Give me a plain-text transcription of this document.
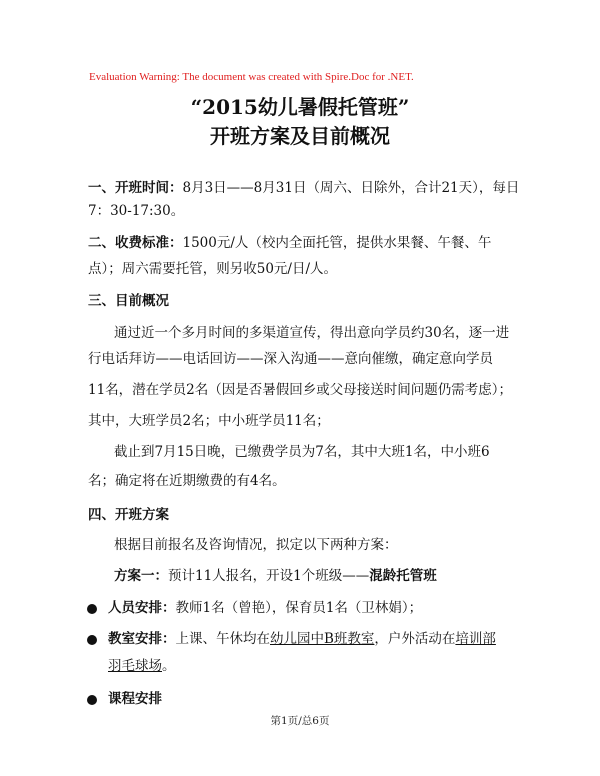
Evaluation Warning: The document was created with Spire.Doc for .NET.
“2015幼儿暑假托管班”
开班方案及目前概况
一、开班时间：8月3日——8月31日（周六、日除外，合计21天），每日
7：30-17:30。
二、收费标准：1500元/人（校内全面托管，提供水果餐、午餐、午
点）；周六需要托管，则另收50元/日/人。
三、目前概况
通过近一个多月时间的多渠道宣传，得出意向学员约30名，逐一进
行电话拜访——电话回访——深入沟通——意向催缴，确定意向学员
11名，潜在学员2名（因是否暑假回乡或父母接送时间问题仍需考虑）；
其中，大班学员2名；中小班学员11名；
截止到7月15日晚，已缴费学员为7名，其中大班1名，中小班6
名；确定将在近期缴费的有4名。
四、开班方案
根据目前报名及咨询情况，拟定以下两种方案：
方案一：预计11人报名，开设1个班级——混龄托管班
人员安排：教师1名（曾艳），保育员1名（卫林娟）；
教室安排：上课、午休均在幼儿园中B班教室，户外活动在培训部
羽毛球场。
课程安排
第1页/总6页
